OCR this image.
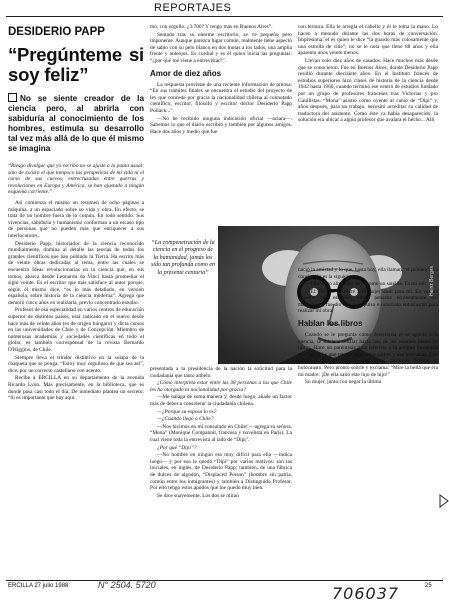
REPORTAJES
DESIDERIO PAPP
“Pregúnteme si soy feliz”
No se siente creador de la ciencia pero, al abrirla con sabiduría al conocimiento de los hombres, estimula su desarrollo tal vez más allá de lo que él mismo se imagina
“Riesgo divulgar que yo escribo no se ajuste a la pauta usual; sino de escuro el que tampoco las perspeticas de mi vida ni el curso de sus cuevos, entrecruzadas entre guerras y revoluciones en Europa y América, se han ajustado a ningún esquema corriente.”

Así comienza el mismo un resumen de ocho páginas a máquina, a un espaciado sobre su vida y obra. En efecto, se trata de un hombre fuera de lo común. En todo sentido. Sus vivencias, sabiduría y humanismo conforman a un escaso tipo de personas que no pueden más que enriquecer a sus interlocutores.

Desiderio Papp, historiador de la ciencia reconocido mundialmente, domina al detalle las teorías de todos los grandes científicos que han poblado la Tierra. Ha escrito más de veinte obras dedicadas al tema, entre las cuales se encuentra Ideas revolucionarias en la ciencia que, en sus tomos, abarca desde Leonardo da Vinci hasta promediar el siglo veinte. Es el escritor que más satisface al autor porque, según él mismo dice, “es lo más detallado, en versión española, sobre historia de la ciencia moderna”. Agrega que demoró cinco años en realizarla, previo concentrado estudio.

Profesor de esa especialidad en varios centros de educación superior de distintos países, está radicado en el nuevo desde hace más de veinte años (es de origen húngaro) y dicta cursos en las universidades de Chile y de Concepción. Miembro de numerosas academias y sociedades científicas en todo el globo, es también corresponsal de la revista Bernardo O'Higgins, de Chile.

Siempre lleva el trindor distintivo en la solapa de la chaqueta que se ponga. “Estoy muy orgulloso de que sea así”, dice, por un correcto castellano con acento.

Recibe a ERCILLA en su departamento de la avenida Ricardo Lyon. Más precisamente, en la biblioteca, que es donde pasa casi todo el día. De inmediato plantea un secreto: “Si es importante que hay aquí

mo, con orgullo: ¿3.700? Y tengo más en Buenos Aires”.

Sentado tras su enorme escritorio, se ve pequeño pero imponente. Aunque parezca lugar común, realmente tiene aspecto de sabio con su pelo blanco en dos motas a los lados, una amplia frente y anteojos. Es cordial y es él quien inicia las preguntas: “¿por qué me viene a entrevistar?”.

Amor de diez años

La respuesta proviene de una reciente información de prensa: “En sus trámites finales se encuentra el estudio del proyecto de ley que concede por gracia la nacionalidad chilena al connotado científico, escritor, filósofo y escritor doctor Desiderio Papp Pollack...”.

—No he recibido ninguna indicación oficial —aclara—. Sabemos lo que el diario escribió y también por algunos amigos. Hace dos años y medio que fue

“La compenetración de la ciencia en el progreso de la humanidad, jamás los sido tan profunda como en la presente centuria”	Heinz Bergas

presentada a la presidencia de la nación la solicitud para la ciudadanía que tanto anhelo.

¿Cómo interpreta estar entre las 38 personas a las que Chile les ha otorgado la nacionalidad por gracia?

—Me halaga de suma manera y, desde luego, añade un factor más de deber a considerar la ciudadanía chilena.

—¿Porque su esposa lo es?

—¿Cuándo llegó a Chile?

—Nos hicimos en mi consulado en Chile! —agrega su señora, “Mona” (Monique Compannit, francesa y novelista en París). La cual viene toda la entrevista al lado de “Dipi”.

¿Por qué “Dipi”?

—No hombre en ningún era muy difícil para ella —indica luego— y por eso le quedó “Dipi” por varios motivos: son las iniciales, en inglés, de Desiderio Papp; también, de una fábrica de dulces de algodón, “Displaced Person” (hombre sin patria, común entre los inmigrantes) y también a Distinguido Profesor. Por ello tengo estos apodos que me quedo muy bien.

Se dice suavemente. Los dos se miran

con ternura. Ella le arregla el cabello y él le toma la mano. Lo hacen a menudo durante las dos horas de conversación. Impresiona: el es quien le dice “la guardo más colosamente que una estrella de cine”; no se le nota que tiene 88 años y ella aparenta unos veinte menos.

Llevan solo diez años de casados. Hace muchos más desde que se conocieron. Fue en Buenos Aires, donde Desiderio Papp residió durante diecisiete años. En el Instituto francés de estudios superiores hizo clases de historia de la ciencia desde 1942 hasta 1960, cuando terminó ese centro de estudios fundado por un grupo de profesores franceses tras Victorias y pro Gaullistas. “Mona” asistió como oyente al curso de “Dipi” y, años después, para un trabajo, necesitó acreditar su calidad de traductora del asistente. Como éste ya había desaparecido, la solución era ubicar a algún profesor que avalara el hecho... Allí

nació la amistad y lo que, hasta hoy, ella llaman “el pololeo”. La conclusión es la siguiente:

—Ella: Giro alrededor de él como un satélite. Es mi sol.

—Él: En ella encontré a la mujer ideal para mí. En vez de impedir mis estudios, como pensaba erróneamente del matrimonio, me dio nuevo impulso e innovado entusiasmo para realizar mi obra.

Hablan los libros

Cuando se le pregunta cómo describiría el se apunta a la ciencia, se inicia a señalar hacia uno de los estantes llenos de libros. Hace un paréntesis para referirse a la antigua fotografía que hay allí y que retrata junto a sus padres y dos hermanas. Con profunda tristeza, cuenta que todos murieron durante el holocausto. Pero pronto sonríe y exclama: “Mire la bella que era mi madre: ¡De ella salió este lujo de hijo!”

Su mujer, junto con negar la última

ERCILLA 27 julio 1988	N° 2504. 5720	706037	25
